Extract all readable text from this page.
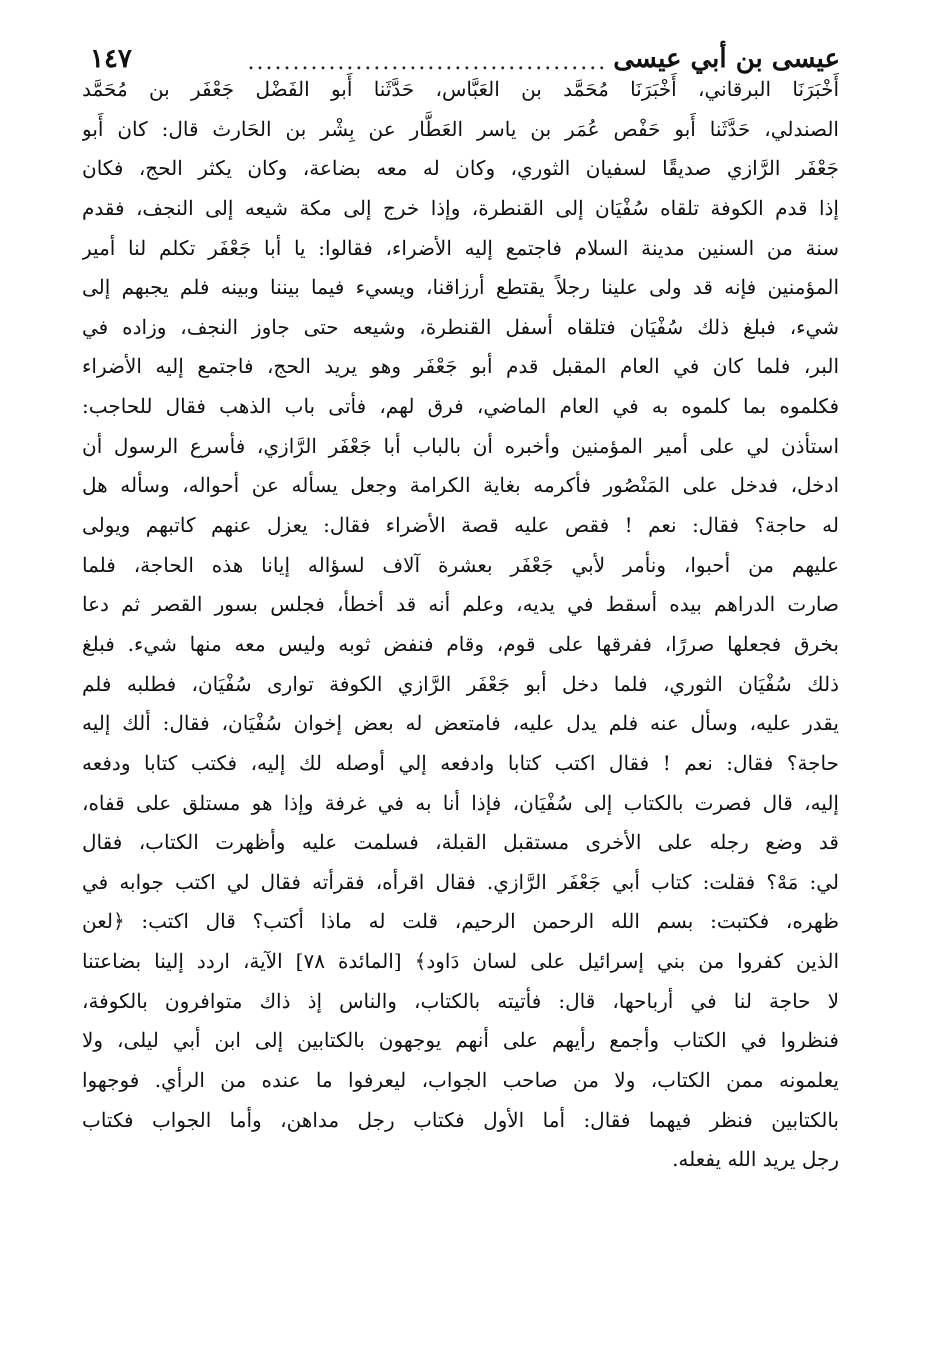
عيسى بن أبي عيسى
........................................
١٤٧
أَخْبَرَنَا البرقاني، أَخْبَرَنَا مُحَمَّد بن العَبَّاس، حَدَّثَنا أَبو الفَضْل جَعْفَر بن مُحَمَّد
الصندلي، حَدَّثَنا أَبو حَفْص عُمَر بن ياسر العَطَّار عن بِشْر بن الحَارث قال: كان أَبو
جَعْفَر الرَّازي صديقًا لسفيان الثوري، وكان له معه بضاعة، وكان يكثر الحج، فكان
إذا قدم الكوفة تلقاه سُفْيَان إلى القنطرة، وإذا خرج إلى مكة شيعه إلى النجف، فقدم
سنة من السنين مدينة السلام فاجتمع إليه الأضراء، فقالوا: يا أبا جَعْفَر تكلم لنا أمير
المؤمنين فإنه قد ولى علينا رجلاً يقتطع أرزاقنا، ويسيء فيما بيننا وبينه فلم يجبهم إلى
شيء، فبلغ ذلك سُفْيَان فتلقاه أسفل القنطرة، وشيعه حتى جاوز النجف، وزاده في
البر، فلما كان في العام المقبل قدم أبو جَعْفَر وهو يريد الحج، فاجتمع إليه الأضراء
فكلموه بما كلموه به في العام الماضي، فرق لهم، فأتى باب الذهب فقال للحاجب:
استأذن لي على أمير المؤمنين وأخبره أن بالباب أبا جَعْفَر الرَّازي، فأسرع الرسول أن
ادخل، فدخل على المَنْصُور فأكرمه بغاية الكرامة وجعل يسأله عن أحواله، وسأله هل
له حاجة؟ فقال: نعم ! فقص عليه قصة الأضراء فقال: يعزل عنهم كاتبهم ويولى
عليهم من أحبوا، ونأمر لأبي جَعْفَر بعشرة آلاف لسؤاله إيانا هذه الحاجة، فلما
صارت الدراهم بيده أسقط في يديه، وعلم أنه قد أخطأ، فجلس بسور القصر ثم دعا
بخرق فجعلها صررًا، ففرقها على قوم، وقام فنفض ثوبه وليس معه منها شيء. فبلغ
ذلك سُفْيَان الثوري، فلما دخل أبو جَعْفَر الرَّازي الكوفة توارى سُفْيَان، فطلبه فلم
يقدر عليه، وسأل عنه فلم يدل عليه، فامتعض له بعض إخوان سُفْيَان، فقال: ألك إليه
حاجة؟ فقال: نعم ! فقال اكتب كتابا وادفعه إلي أوصله لك إليه، فكتب كتابا ودفعه
إليه، قال فصرت بالكتاب إلى سُفْيَان، فإذا أنا به في غرفة وإذا هو مستلق على قفاه،
قد وضع رجله على الأخرى مستقبل القبلة، فسلمت عليه وأظهرت الكتاب، فقال
لي: مَهْ؟ فقلت: كتاب أبي جَعْفَر الرَّازي. فقال اقرأه، فقرأته فقال لي اكتب جوابه في
ظهره، فكتبت: بسم الله الرحمن الرحيم، قلت له ماذا أكتب؟ قال اكتب: ﴿لعن
الذين كفروا من بني إسرائيل على لسان دَاود﴾ [المائدة ٧٨] الآية، اردد إلينا بضاعتنا
لا حاجة لنا في أرباحها، قال: فأتيته بالكتاب، والناس إذ ذاك متوافرون بالكوفة،
فنظروا في الكتاب وأجمع رأيهم على أنهم يوجهون بالكتابين إلى ابن أبي ليلى، ولا
يعلمونه ممن الكتاب، ولا من صاحب الجواب، ليعرفوا ما عنده من الرأي. فوجهوا
بالكتابين فنظر فيهما فقال: أما الأول فكتاب رجل مداهن، وأما الجواب فكتاب
رجل يريد الله يفعله.
